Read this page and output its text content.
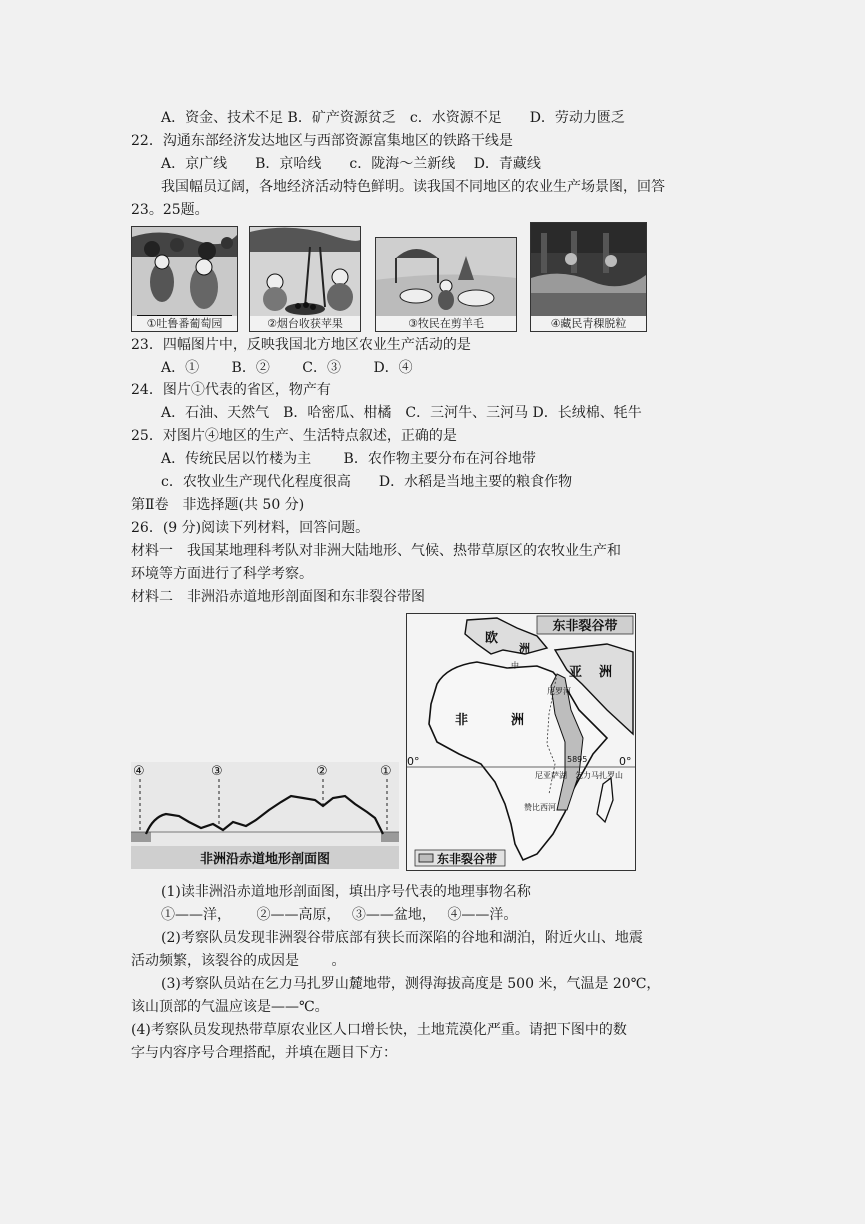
A．资金、技术不足 B．矿产资源贫乏　c．水资源不足　　D．劳动力匮乏
22．沟通东部经济发达地区与西部资源富集地区的铁路干线是
A．京广线　　B．京哈线　　c．陇海～兰新线　 D．青藏线
我国幅员辽阔，各地经济活动特色鲜明。读我国不同地区的农业生产场景图，回答
23。25题。
①吐鲁番葡萄园	②烟台收获苹果	③牧民在剪羊毛	④藏民青稞脱粒
23．四幅图片中，反映我国北方地区农业生产活动的是
A．①　　 B．②　　 C．③　　 D．④
24．图片①代表的省区，物产有
A．石油、天然气　B．哈密瓜、柑橘　C．三河牛、三河马 D．长绒棉、牦牛
25．对图片④地区的生产、生活特点叙述，正确的是
A．传统民居以竹楼为主　　 B．农作物主要分布在河谷地带
c．农牧业生产现代化程度很高　　D．水稻是当地主要的粮食作物
第Ⅱ卷　非选择题(共 50 分)
26．(9 分)阅读下列材料，回答问题。
材料一　我国某地理科考队对非洲大陆地形、气候、热带草原区的农牧业生产和
环境等方面进行了科学考察。
材料二　非洲沿赤道地形剖面图和东非裂谷带图
④	③	②	①
非洲沿赤道地形剖面图
东非裂谷带
0°	0°
欧
洲
亚 洲
非	洲
中
5895
乞力马扎罗山
尼亚萨湖
赞比西河
尼罗河
东非裂谷带
(1)读非洲沿赤道地形剖面图，填出序号代表的地理事物名称
①——洋，　　 ②——高原，　 ③——盆地，　 ④——洋。
(2)考察队员发现非洲裂谷带底部有狭长而深陷的谷地和湖泊，附近火山、地震
活动频繁，该裂谷的成因是　　 。
(3)考察队员站在乞力马扎罗山麓地带，测得海拔高度是 500 米，气温是 20℃，
该山顶部的气温应该是——℃。
(4)考察队员发现热带草原农业区人口增长快，土地荒漠化严重。请把下图中的数
字与内容序号合理搭配，并填在题目下方：
